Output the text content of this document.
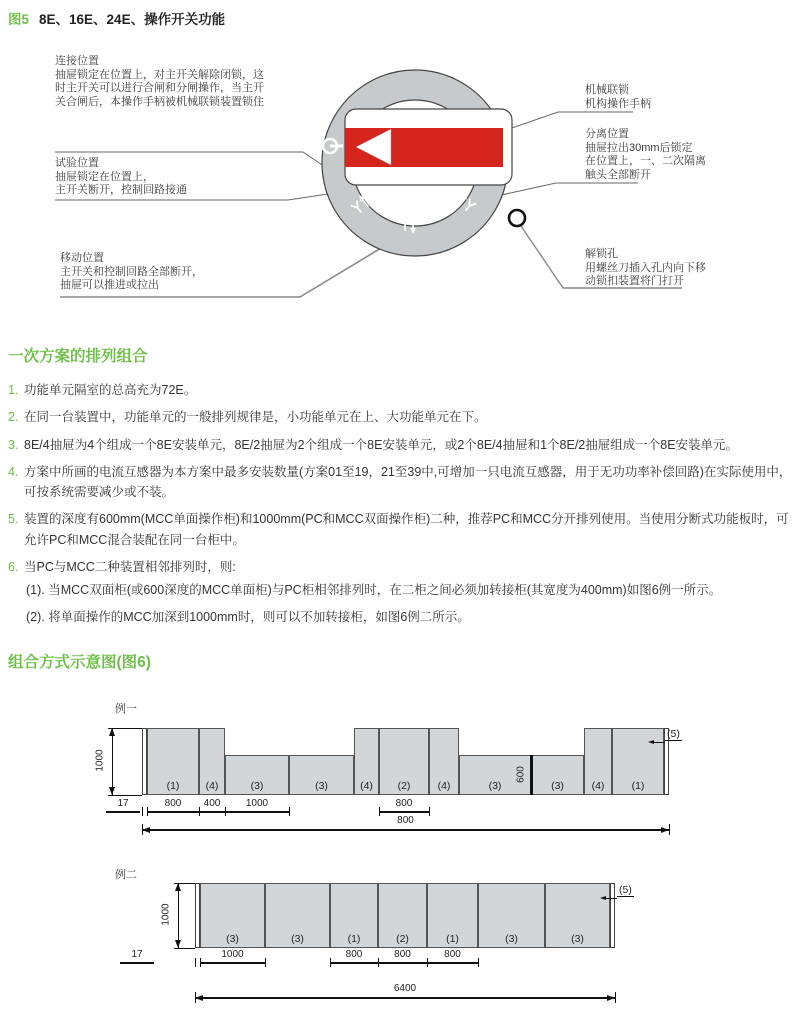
图5 8E、16E、24E、操作开关功能
连接位置
抽屉锁定在位置上，对主开关解除闭锁，这
时主开关可以进行合闸和分闸操作，当主开
关合闸后，本操作手柄被机械联锁装置锁住
试验位置
抽屉锁定在位置上，
主开关断开，控制回路接通
移动位置
主开关和控制回路全部断开，
抽屉可以推进或拉出
机械联锁
机构操作手柄
分离位置
抽屉拉出30mm后锁定
在位置上，一、二次隔离
触头全部断开
解锁孔
用螺丝刀插入孔内向下移
动锁扣装置将门打开
一次方案的排列组合
1. 功能单元隔室的总高充为72E。
2. 在同一台装置中，功能单元的一般排列规律是，小功能单元在上、大功能单元在下。
3. 8E/4抽屉为4个组成一个8E安装单元，8E/2抽屉为2个组成一个8E安装单元，或2个8E/4抽屉和1个8E/2抽屉组成一个8E安装单元。
4. 方案中所画的电流互感器为本方案中最多安装数量(方案01至19，21至39中,可增加一只电流互感器，用于无功功率补偿回路)在实际使用中，可按系统需要减少或不装。
5. 装置的深度有600mm(MCC单面操作柜)和1000mm(PC和MCC双面操作柜)二种，推荐PC和MCC分开排列使用。当使用分断式功能板时，可允许PC和MCC混合装配在同一台柜中。
6. 当PC与MCC二种装置相邻排列时，则:
(1). 当MCC双面柜(或600深度的MCC单面柜)与PC柜相邻排列时，在二柜之间必须加转接柜(其宽度为400mm)如图6例一所示。
(2). 将单面操作的MCC加深到1000mm时，则可以不加转接柜，如图6例二所示。
组合方式示意图(图6)
例一
(1)	(4)	(3)	(3)	(4)	(2)	(4)	(3)	(3)	(4)	(1)
600
1000
17	800	400	1000	800
800
(5)
例二
(3)	(3)	(1)	(2)	(1)	(3)	(3)
1000
17	1000	800	800	800
6400
(5)
